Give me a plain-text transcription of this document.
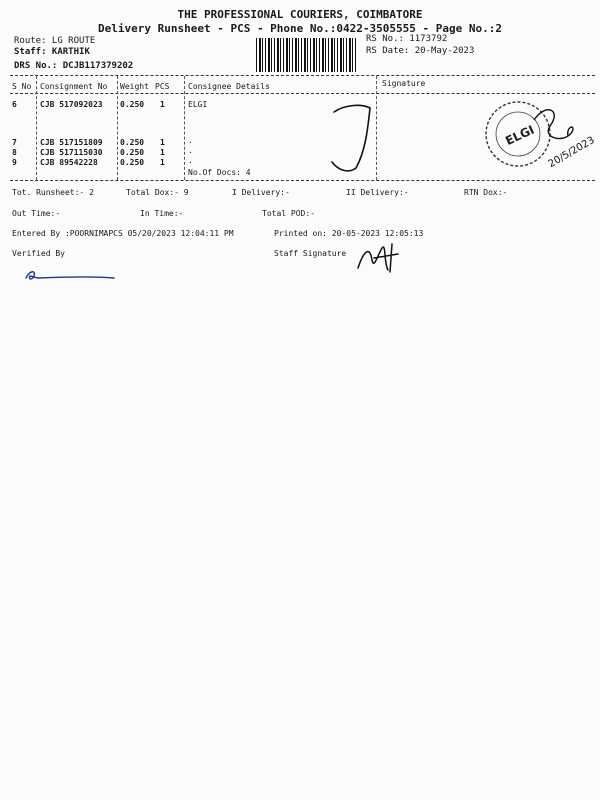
THE PROFESSIONAL COURIERS, COIMBATORE
Delivery Runsheet - PCS - Phone No.:0422-3505555 - Page No.:2
Route: LG ROUTE
Staff: KARTHIK
DRS No.: DCJB117379202
RS No.: 1173792
RS Date: 20-May-2023
S No Consignment No Weight PCS Consignee Details	Signature
6	CJB 517092023 0.250 1	ELGI
7	CJB 517151809 0.250 1	.
8	CJB 517115030 0.250 1	.
9	CJB 89542228	0.250 1	.
No.Of Docs: 4
ELGI 20/5/2023
Tot. Runsheet:- 2	Total Dox:- 9	I Delivery:-	II Delivery:-	RTN Dox:-
Out Time:-	In Time:-	Total POD:-
Entered By :POORNIMAPCS 05/20/2023 12:04:11 PM	Printed on: 20-05-2023 12:05:13
Verified By	Staff Signature
